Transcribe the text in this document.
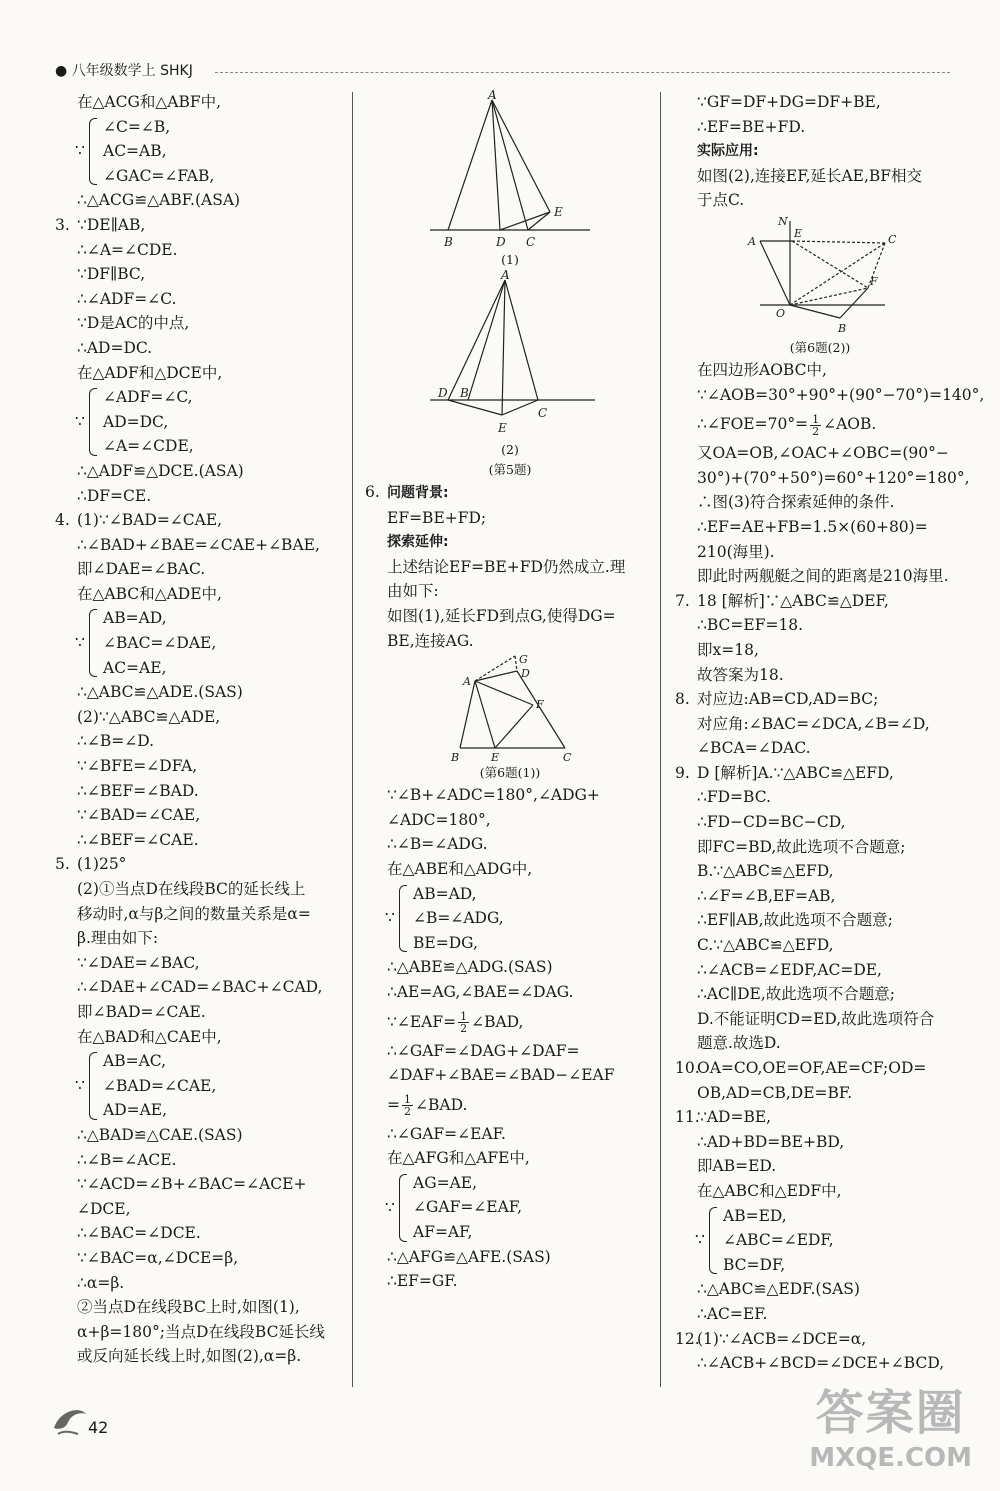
● 八年级数学上 SHKJ
在△ACG和△ABF中,
∵
∠C=∠B,
AC=AB,
∠GAC=∠FAB,
∴△ACG≌△ABF.(ASA)
3. ∵DE∥AB,
∴∠A=∠CDE.
∵DF∥BC,
∴∠ADF=∠C.
∵D是AC的中点,
∴AD=DC.
在△ADF和△DCE中,
∵
∠ADF=∠C,
AD=DC,
∠A=∠CDE,
∴△ADF≌△DCE.(ASA)
∴DF=CE.
4. (1)∵∠BAD=∠CAE,
∴∠BAD+∠BAE=∠CAE+∠BAE,
即∠DAE=∠BAC.
在△ABC和△ADE中,
∵
AB=AD,
∠BAC=∠DAE,
AC=AE,
∴△ABC≌△ADE.(SAS)
(2)∵△ABC≌△ADE,
∴∠B=∠D.
∵∠BFE=∠DFA,
∴∠BEF=∠BAD.
∵∠BAD=∠CAE,
∴∠BEF=∠CAE.
5. (1)25°
(2)①当点D在线段BC的延长线上
移动时,α与β之间的数量关系是α=
β.理由如下:
∵∠DAE=∠BAC,
∴∠DAE+∠CAD=∠BAC+∠CAD,
即∠BAD=∠CAE.
在△BAD和△CAE中,
∵
AB=AC,
∠BAD=∠CAE,
AD=AE,
∴△BAD≌△CAE.(SAS)
∴∠B=∠ACE.
∵∠ACD=∠B+∠BAC=∠ACE+
∠DCE,
∴∠BAC=∠DCE.
∵∠BAC=α,∠DCE=β,
∴α=β.
②当点D在线段BC上时,如图(1),
α+β=180°;当点D在线段BC延长线
或反向延长线上时,如图(2),α=β.
A
B	D C
E
(1)
A
D B
E
C
(2)
(第5题)
6. 问题背景:
EF=BE+FD;
探索延伸:
上述结论EF=BE+FD仍然成立.理
由如下:
如图(1),延长FD到点G,使得DG=
BE,连接AG.
G
D
A
F
B	E	C
(第6题(1))
∵∠B+∠ADC=180°,∠ADG+
∠ADC=180°,
∴∠B=∠ADG.
在△ABE和△ADG中,
∵
AB=AD,
∠B=∠ADG,
BE=DG,
∴△ABE≌△ADG.(SAS)
∴AE=AG,∠BAE=∠DAG.
∵∠EAF= $\frac{1}{2}$ ∠BAD,
∴∠GAF=∠DAG+∠DAF=
∠DAF+∠BAE=∠BAD−∠EAF
= $\frac{1}{2}$ ∠BAD.
∴∠GAF=∠EAF.
在△AFG和△AFE中,
∵
AG=AE,
∠GAF=∠EAF,
AF=AF,
∴△AFG≌△AFE.(SAS)
∴EF=GF.
∵GF=DF+DG=DF+BE,
∴EF=BE+FD.
实际应用:
如图(2),连接EF,延长AE,BF相交
于点C.
N
A
E	C
F
O
B
(第6题(2))
在四边形AOBC中,
∵∠AOB=30°+90°+(90°−70°)=140°,
∴∠FOE=70°= $\frac{1}{2}$ ∠AOB.
又OA=OB,∠OAC+∠OBC=(90°−
30°)+(70°+50°)=60°+120°=180°,
∴图(3)符合探索延伸的条件.
∴EF=AE+FB=1.5×(60+80)=
210(海里).
即此时两舰艇之间的距离是210海里.
7. 18 [解析]∵△ABC≌△DEF,
∴BC=EF=18.
即x=18,
故答案为18.
8. 对应边:AB=CD,AD=BC;
对应角:∠BAC=∠DCA,∠B=∠D,
∠BCA=∠DAC.
9. D [解析]A.∵△ABC≌△EFD,
∴FD=BC.
∴FD−CD=BC−CD,
即FC=BD,故此选项不合题意;
B.∵△ABC≌△EFD,
∴∠F=∠B,EF=AB,
∴EF∥AB,故此选项不合题意;
C.∵△ABC≌△EFD,
∴∠ACB=∠EDF,AC=DE,
∴AC∥DE,故此选项不合题意;
D.不能证明CD=ED,故此选项符合
题意.故选D.
10.OA=CO,OE=OF,AE=CF;OD=
OB,AD=CB,DE=BF.
11.∵AD=BE,
∴AD+BD=BE+BD,
即AB=ED.
在△ABC和△EDF中,
∵
AB=ED,
∠ABC=∠EDF,
BC=DF,
∴△ABC≌△EDF.(SAS)
∴AC=EF.
12.(1)∵∠ACB=∠DCE=α,
∴∠ACB+∠BCD=∠DCE+∠BCD,
42	答案圈
MXQE.COM
